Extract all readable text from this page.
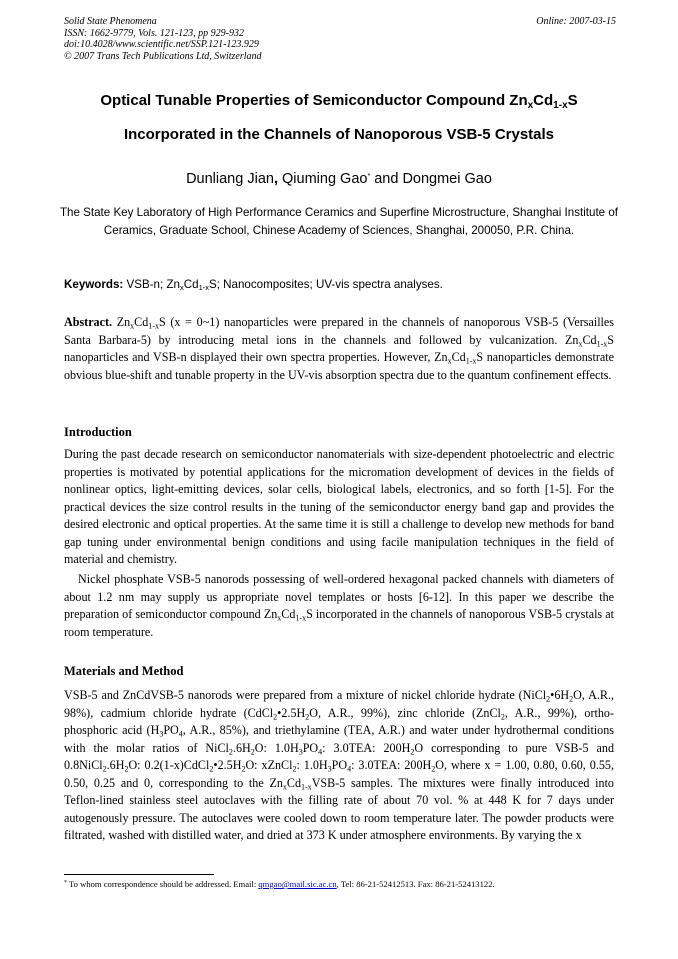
Solid State Phenomena
ISSN: 1662-9779, Vols. 121-123, pp 929-932
doi:10.4028/www.scientific.net/SSP.121-123.929
© 2007 Trans Tech Publications Ltd, Switzerland
Online: 2007-03-15
Optical Tunable Properties of Semiconductor Compound $Zn_xCd_{1-x}S$
Incorporated in the Channels of Nanoporous VSB-5 Crystals
Dunliang Jian, Qiuming Gao* and Dongmei Gao
The State Key Laboratory of High Performance Ceramics and Superfine Microstructure, Shanghai Institute of Ceramics, Graduate School, Chinese Academy of Sciences, Shanghai, 200050, P.R. China.
Keywords: VSB-n; $Zn_xCd_{1-x}S$; Nanocomposites; UV-vis spectra analyses.
Abstract. $Zn_xCd_{1-x}S$ (x = 0~1) nanoparticles were prepared in the channels of nanoporous VSB-5 (Versailles Santa Barbara-5) by introducing metal ions in the channels and followed by vulcanization. $Zn_xCd_{1-x}S$ nanoparticles and VSB-n displayed their own spectra properties. However, $Zn_xCd_{1-x}S$ nanoparticles demonstrate obvious blue-shift and tunable property in the UV-vis absorption spectra due to the quantum confinement effects.
Introduction
During the past decade research on semiconductor nanomaterials with size-dependent photoelectric and electric properties is motivated by potential applications for the micromation development of devices in the fields of nonlinear optics, light-emitting devices, solar cells, biological labels, electronics, and so forth [1-5]. For the practical devices the size control results in the tuning of the semiconductor energy band gap and provides the desired electronic and optical properties. At the same time it is still a challenge to develop new methods for band gap tuning under environmental benign conditions and using facile manipulation techniques in the field of material and chemistry.
Nickel phosphate VSB-5 nanorods possessing of well-ordered hexagonal packed channels with diameters of about 1.2 nm may supply us appropriate novel templates or hosts [6-12]. In this paper we describe the preparation of semiconductor compound $Zn_xCd_{1-x}S$ incorporated in the channels of nanoporous VSB-5 crystals at room temperature.
Materials and Method
VSB-5 and ZnCdVSB-5 nanorods were prepared from a mixture of nickel chloride hydrate ($NiCl_2•6H_2O$, A.R., 98%), cadmium chloride hydrate ($CdCl_2•2.5H_2O$, A.R., 99%), zinc chloride (ZnCl$_2$, A.R., 99%), ortho-phosphoric acid ($H_3PO_4$, A.R., 85%), and triethylamine (TEA, A.R.) and water under hydrothermal conditions with the molar ratios of $NiCl_2.6H_2O$: $1.0H_3PO_4$: 3.0TEA: $200H_2O$ corresponding to pure VSB-5 and $0.8NiCl_2.6H_2O$: $0.2(1-x)CdCl_2•2.5H_2O$: xZnCl$_2$: $1.0H_3PO_4$: 3.0TEA: $200H_2O$, where x = 1.00, 0.80, 0.60, 0.55, 0.50, 0.25 and 0, corresponding to the $Zn_xCd_{1-x}VSB-5$ samples. The mixtures were finally introduced into Teflon-lined stainless steel autoclaves with the filling rate of about 70 vol. % at 448 K for 7 days under autogenously pressure. The autoclaves were cooled down to room temperature later. The powder products were filtrated, washed with distilled water, and dried at 373 K under atmosphere environments. By varying the x
* To whom correspondence should be addressed. Email: qmgao@mail.sic.ac.cn, Tel: 86-21-52412513. Fax: 86-21-52413122.
